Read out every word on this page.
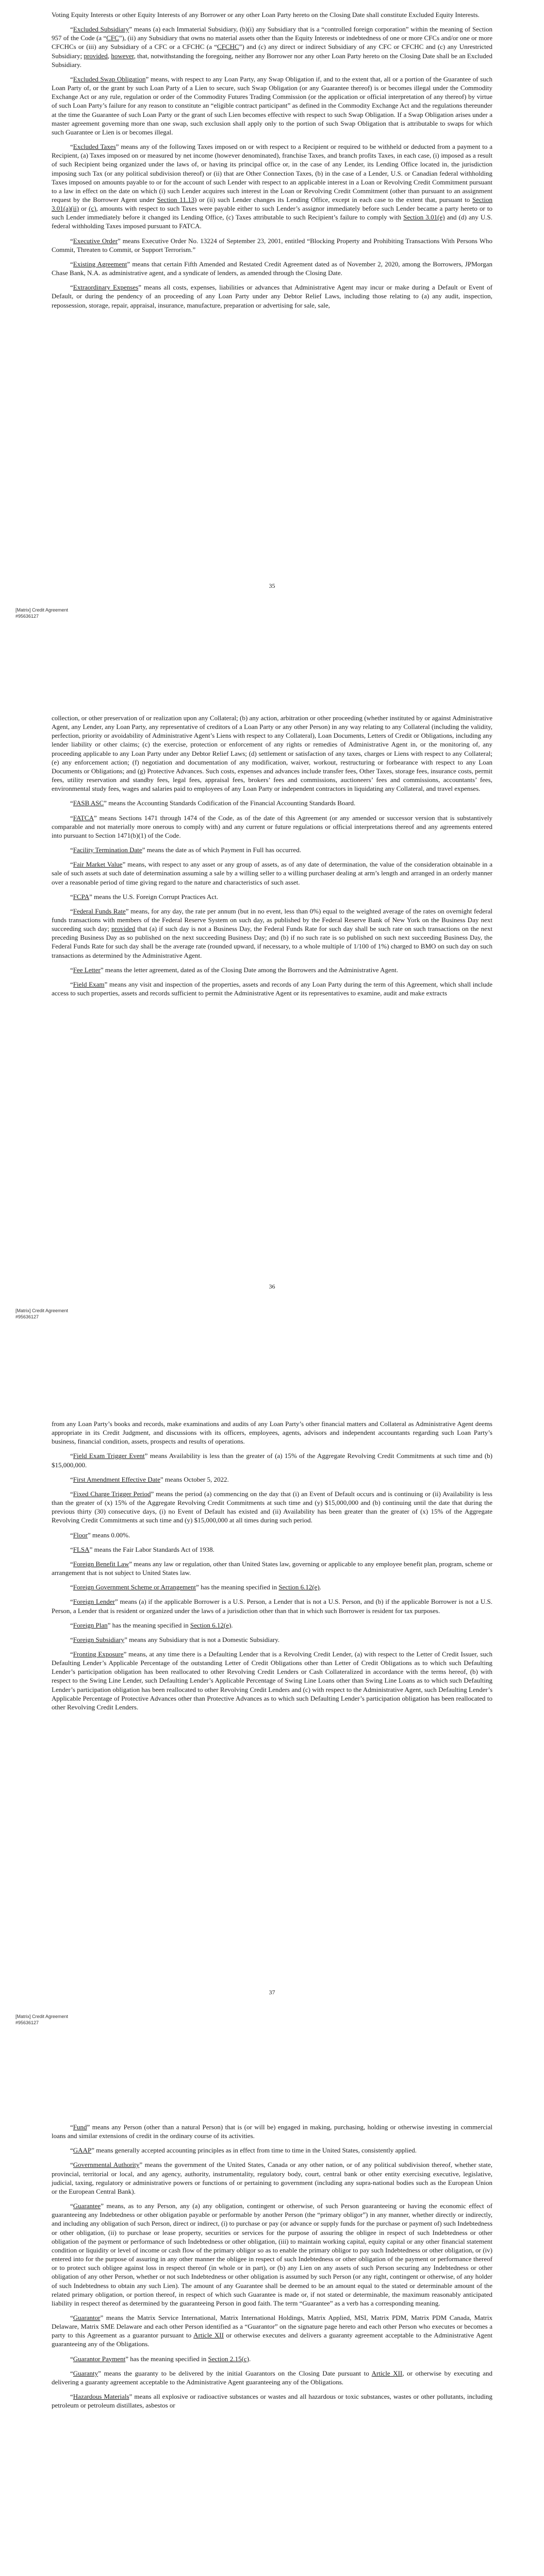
Voting Equity Interests or other Equity Interests of any Borrower or any other Loan Party hereto on the Closing Date shall constitute Excluded Equity Interests.

“Excluded Subsidiary” means (a) each Immaterial Subsidiary, (b)(i) any Subsidiary that is a “controlled foreign corporation” within the meaning of Section 957 of the Code (a “CFC”), (ii) any Subsidiary that owns no material assets other than the Equity Interests or indebtedness of one or more CFCs and/or one or more CFCHCs or (iii) any Subsidiary of a CFC or a CFCHC (a “CFCHC”) and (c) any direct or indirect Subsidiary of any CFC or CFCHC and (c) any Unrestricted Subsidiary; provided, however, that, notwithstanding the foregoing, neither any Borrower nor any other Loan Party hereto on the Closing Date shall be an Excluded Subsidiary.

“Excluded Swap Obligation” means, with respect to any Loan Party, any Swap Obligation if, and to the extent that, all or a portion of the Guarantee of such Loan Party of, or the grant by such Loan Party of a Lien to secure, such Swap Obligation (or any Guarantee thereof) is or becomes illegal under the Commodity Exchange Act or any rule, regulation or order of the Commodity Futures Trading Commission (or the application or official interpretation of any thereof) by virtue of such Loan Party’s failure for any reason to constitute an “eligible contract participant” as defined in the Commodity Exchange Act and the regulations thereunder at the time the Guarantee of such Loan Party or the grant of such Lien becomes effective with respect to such Swap Obligation. If a Swap Obligation arises under a master agreement governing more than one swap, such exclusion shall apply only to the portion of such Swap Obligation that is attributable to swaps for which such Guarantee or Lien is or becomes illegal.

“Excluded Taxes” means any of the following Taxes imposed on or with respect to a Recipient or required to be withheld or deducted from a payment to a Recipient, (a) Taxes imposed on or measured by net income (however denominated), franchise Taxes, and branch profits Taxes, in each case, (i) imposed as a result of such Recipient being organized under the laws of, or having its principal office or, in the case of any Lender, its Lending Office located in, the jurisdiction imposing such Tax (or any political subdivision thereof) or (ii) that are Other Connection Taxes, (b) in the case of a Lender, U.S. or Canadian federal withholding Taxes imposed on amounts payable to or for the account of such Lender with respect to an applicable interest in a Loan or Revolving Credit Commitment pursuant to a law in effect on the date on which (i) such Lender acquires such interest in the Loan or Revolving Credit Commitment (other than pursuant to an assignment request by the Borrower Agent under Section 11.13) or (ii) such Lender changes its Lending Office, except in each case to the extent that, pursuant to Section 3.01(a)(ii) or (c), amounts with respect to such Taxes were payable either to such Lender’s assignor immediately before such Lender became a party hereto or to such Lender immediately before it changed its Lending Office, (c) Taxes attributable to such Recipient’s failure to comply with Section 3.01(e) and (d) any U.S. federal withholding Taxes imposed pursuant to FATCA.

“Executive Order” means Executive Order No. 13224 of September 23, 2001, entitled “Blocking Property and Prohibiting Transactions With Persons Who Commit, Threaten to Commit, or Support Terrorism.”

“Existing Agreement” means that certain Fifth Amended and Restated Credit Agreement dated as of November 2, 2020, among the Borrowers, JPMorgan Chase Bank, N.A. as administrative agent, and a syndicate of lenders, as amended through the Closing Date.

“Extraordinary Expenses” means all costs, expenses, liabilities or advances that Administrative Agent may incur or make during a Default or Event of Default, or during the pendency of an proceeding of any Loan Party under any Debtor Relief Laws, including those relating to (a) any audit, inspection, repossession, storage, repair, appraisal, insurance, manufacture, preparation or advertising for sale, sale,

35
[Matrix] Credit Agreement
#95636127

collection, or other preservation of or realization upon any Collateral; (b) any action, arbitration or other proceeding (whether instituted by or against Administrative Agent, any Lender, any Loan Party, any representative of creditors of a Loan Party or any other Person) in any way relating to any Collateral (including the validity, perfection, priority or avoidability of Administrative Agent’s Liens with respect to any Collateral), Loan Documents, Letters of Credit or Obligations, including any lender liability or other claims; (c) the exercise, protection or enforcement of any rights or remedies of Administrative Agent in, or the monitoring of, any proceeding applicable to any Loan Party under any Debtor Relief Laws; (d) settlement or satisfaction of any taxes, charges or Liens with respect to any Collateral; (e) any enforcement action; (f) negotiation and documentation of any modification, waiver, workout, restructuring or forbearance with respect to any Loan Documents or Obligations; and (g) Protective Advances. Such costs, expenses and advances include transfer fees, Other Taxes, storage fees, insurance costs, permit fees, utility reservation and standby fees, legal fees, appraisal fees, brokers’ fees and commissions, auctioneers’ fees and commissions, accountants’ fees, environmental study fees, wages and salaries paid to employees of any Loan Party or independent contractors in liquidating any Collateral, and travel expenses.

“FASB ASC” means the Accounting Standards Codification of the Financial Accounting Standards Board.

“FATCA” means Sections 1471 through 1474 of the Code, as of the date of this Agreement (or any amended or successor version that is substantively comparable and not materially more onerous to comply with) and any current or future regulations or official interpretations thereof and any agreements entered into pursuant to Section 1471(b)(1) of the Code.

“Facility Termination Date” means the date as of which Payment in Full has occurred.

“Fair Market Value” means, with respect to any asset or any group of assets, as of any date of determination, the value of the consideration obtainable in a sale of such assets at such date of determination assuming a sale by a willing seller to a willing purchaser dealing at arm’s length and arranged in an orderly manner over a reasonable period of time giving regard to the nature and characteristics of such asset.

“FCPA” means the U.S. Foreign Corrupt Practices Act.

“Federal Funds Rate” means, for any day, the rate per annum (but in no event, less than 0%) equal to the weighted average of the rates on overnight federal funds transactions with members of the Federal Reserve System on such day, as published by the Federal Reserve Bank of New York on the Business Day next succeeding such day; provided that (a) if such day is not a Business Day, the Federal Funds Rate for such day shall be such rate on such transactions on the next preceding Business Day as so published on the next succeeding Business Day; and (b) if no such rate is so published on such next succeeding Business Day, the Federal Funds Rate for such day shall be the average rate (rounded upward, if necessary, to a whole multiple of 1/100 of 1%) charged to BMO on such day on such transactions as determined by the Administrative Agent.

“Fee Letter” means the letter agreement, dated as of the Closing Date among the Borrowers and the Administrative Agent.

“Field Exam” means any visit and inspection of the properties, assets and records of any Loan Party during the term of this Agreement, which shall include access to such properties, assets and records sufficient to permit the Administrative Agent or its representatives to examine, audit and make extracts

36
[Matrix] Credit Agreement
#95636127

from any Loan Party’s books and records, make examinations and audits of any Loan Party’s other financial matters and Collateral as Administrative Agent deems appropriate in its Credit Judgment, and discussions with its officers, employees, agents, advisors and independent accountants regarding such Loan Party’s business, financial condition, assets, prospects and results of operations.

“Field Exam Trigger Event” means Availability is less than the greater of (a) 15% of the Aggregate Revolving Credit Commitments at such time and (b) $15,000,000.

“First Amendment Effective Date” means October 5, 2022.

“Fixed Charge Trigger Period” means the period (a) commencing on the day that (i) an Event of Default occurs and is continuing or (ii) Availability is less than the greater of (x) 15% of the Aggregate Revolving Credit Commitments at such time and (y) $15,000,000 and (b) continuing until the date that during the previous thirty (30) consecutive days, (i) no Event of Default has existed and (ii) Availability has been greater than the greater of (x) 15% of the Aggregate Revolving Credit Commitments at such time and (y) $15,000,000 at all times during such period.

“Floor” means 0.00%.

“FLSA” means the Fair Labor Standards Act of 1938.

“Foreign Benefit Law” means any law or regulation, other than United States law, governing or applicable to any employee benefit plan, program, scheme or arrangement that is not subject to United States law.

“Foreign Government Scheme or Arrangement” has the meaning specified in Section 6.12(e).

“Foreign Lender” means (a) if the applicable Borrower is a U.S. Person, a Lender that is not a U.S. Person, and (b) if the applicable Borrower is not a U.S. Person, a Lender that is resident or organized under the laws of a jurisdiction other than that in which such Borrower is resident for tax purposes.

“Foreign Plan” has the meaning specified in Section 6.12(e).

“Foreign Subsidiary” means any Subsidiary that is not a Domestic Subsidiary.

“Fronting Exposure” means, at any time there is a Defaulting Lender that is a Revolving Credit Lender, (a) with respect to the Letter of Credit Issuer, such Defaulting Lender’s Applicable Percentage of the outstanding Letter of Credit Obligations other than Letter of Credit Obligations as to which such Defaulting Lender’s participation obligation has been reallocated to other Revolving Credit Lenders or Cash Collateralized in accordance with the terms hereof, (b) with respect to the Swing Line Lender, such Defaulting Lender’s Applicable Percentage of Swing Line Loans other than Swing Line Loans as to which such Defaulting Lender’s participation obligation has been reallocated to other Revolving Credit Lenders and (c) with respect to the Administrative Agent, such Defaulting Lender’s Applicable Percentage of Protective Advances other than Protective Advances as to which such Defaulting Lender’s participation obligation has been reallocated to other Revolving Credit Lenders.

37
[Matrix] Credit Agreement
#95636127

“Fund” means any Person (other than a natural Person) that is (or will be) engaged in making, purchasing, holding or otherwise investing in commercial loans and similar extensions of credit in the ordinary course of its activities.

“GAAP” means generally accepted accounting principles as in effect from time to time in the United States, consistently applied.

“Governmental Authority” means the government of the United States, Canada or any other nation, or of any political subdivision thereof, whether state, provincial, territorial or local, and any agency, authority, instrumentality, regulatory body, court, central bank or other entity exercising executive, legislative, judicial, taxing, regulatory or administrative powers or functions of or pertaining to government (including any supra-national bodies such as the European Union or the European Central Bank).

“Guarantee” means, as to any Person, any (a) any obligation, contingent or otherwise, of such Person guaranteeing or having the economic effect of guaranteeing any Indebtedness or other obligation payable or performable by another Person (the “primary obligor”) in any manner, whether directly or indirectly, and including any obligation of such Person, direct or indirect, (i) to purchase or pay (or advance or supply funds for the purchase or payment of) such Indebtedness or other obligation, (ii) to purchase or lease property, securities or services for the purpose of assuring the obligee in respect of such Indebtedness or other obligation of the payment or performance of such Indebtedness or other obligation, (iii) to maintain working capital, equity capital or any other financial statement condition or liquidity or level of income or cash flow of the primary obligor so as to enable the primary obligor to pay such Indebtedness or other obligation, or (iv) entered into for the purpose of assuring in any other manner the obligee in respect of such Indebtedness or other obligation of the payment or performance thereof or to protect such obligee against loss in respect thereof (in whole or in part), or (b) any Lien on any assets of such Person securing any Indebtedness or other obligation of any other Person, whether or not such Indebtedness or other obligation is assumed by such Person (or any right, contingent or otherwise, of any holder of such Indebtedness to obtain any such Lien). The amount of any Guarantee shall be deemed to be an amount equal to the stated or determinable amount of the related primary obligation, or portion thereof, in respect of which such Guarantee is made or, if not stated or determinable, the maximum reasonably anticipated liability in respect thereof as determined by the guaranteeing Person in good faith. The term “Guarantee” as a verb has a corresponding meaning.

“Guarantor” means the Matrix Service International, Matrix International Holdings, Matrix Applied, MSI, Matrix PDM, Matrix PDM Canada, Matrix Delaware, Matrix SME Delaware and each other Person identified as a “Guarantor” on the signature page hereto and each other Person who executes or becomes a party to this Agreement as a guarantor pursuant to Article XII or otherwise executes and delivers a guaranty agreement acceptable to the Administrative Agent guaranteeing any of the Obligations.

“Guarantor Payment” has the meaning specified in Section 2.15(c).

“Guaranty” means the guaranty to be delivered by the initial Guarantors on the Closing Date pursuant to Article XII, or otherwise by executing and delivering a guaranty agreement acceptable to the Administrative Agent guaranteeing any of the Obligations.

“Hazardous Materials” means all explosive or radioactive substances or wastes and all hazardous or toxic substances, wastes or other pollutants, including petroleum or petroleum distillates, asbestos or
